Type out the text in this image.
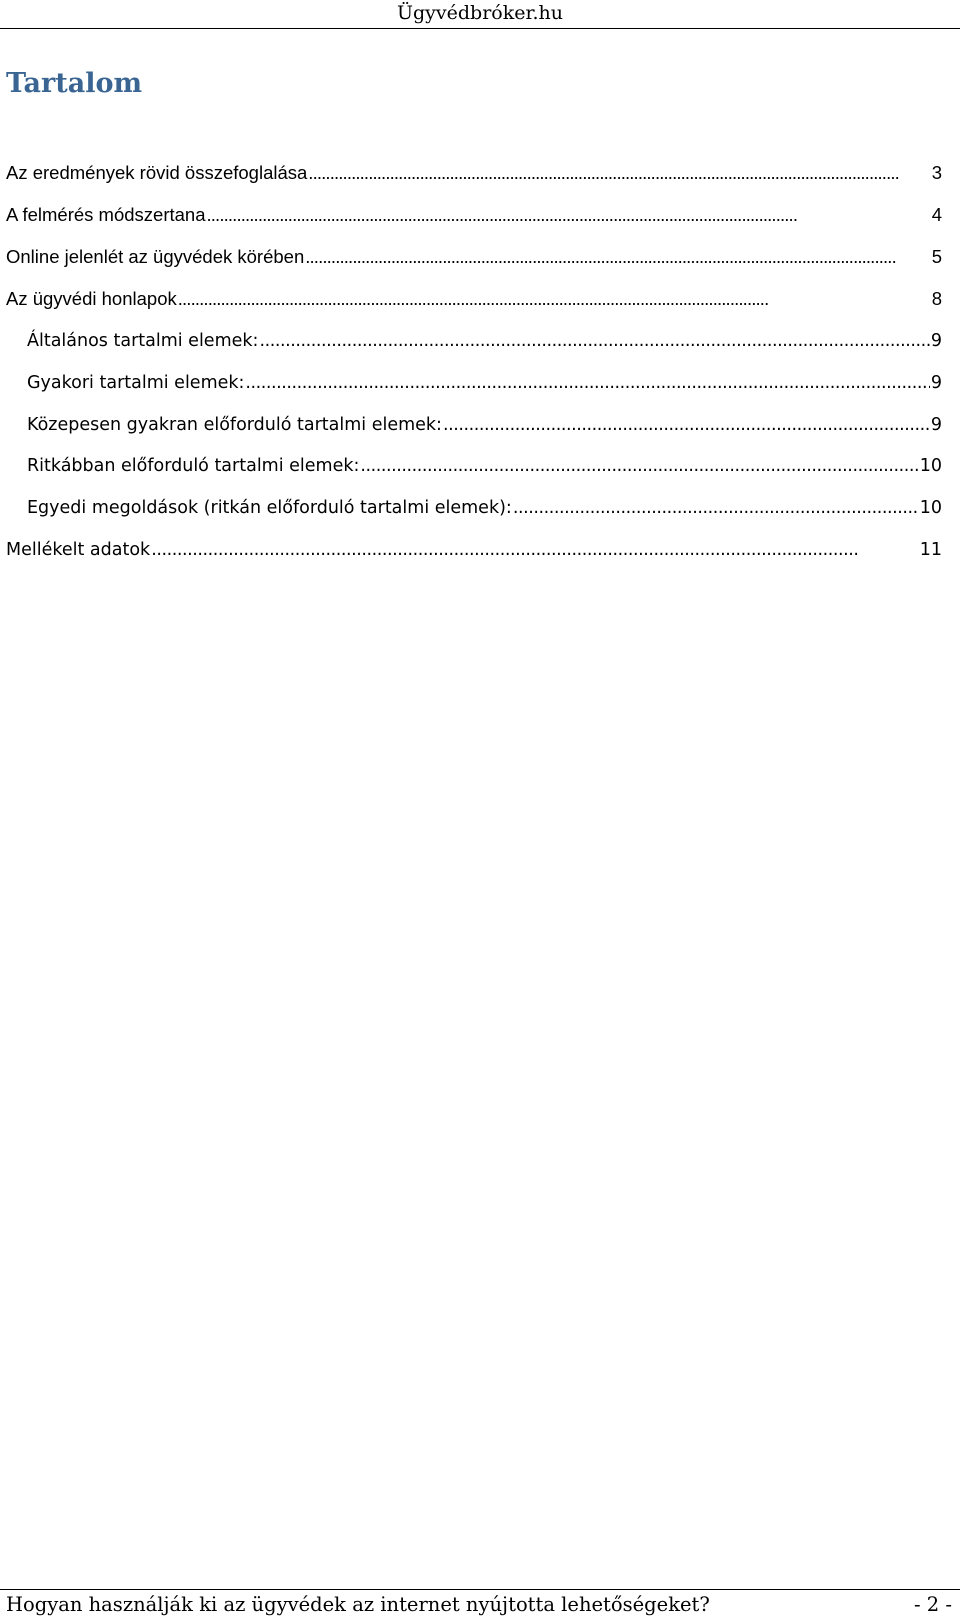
Ügyvédbróker.hu
Tartalom
Az eredmények rövid összefoglalása . . .	3
A felmérés módszertana . . .	4
Online jelenlét az ügyvédek körében . . .	5
Az ügyvédi honlapok . . .	8
Általános tartalmi elemek: . . .	9
Gyakori tartalmi elemek: . . .	9
Közepesen gyakran előforduló tartalmi elemek: . . .	9
Ritkábban előforduló tartalmi elemek: . . .	10
Egyedi megoldások (ritkán előforduló tartalmi elemek): . . .	10
Mellékelt adatok . . .	11
Hogyan használják ki az ügyvédek az internet nyújtotta lehetőségeket?	- 2 -
